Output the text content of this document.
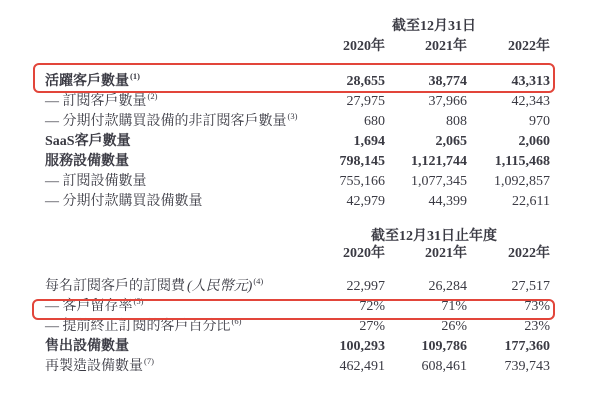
截至12月31日
2020年	2021年	2022年
活躍客戶數量$^{(1)}$	28,655	38,774	43,313
— 訂閱客戶數量$^{(2)}$	27,975	37,966	42,343
— 分期付款購買設備的非訂閱客戶數量$^{(3)}$	680	808	970
SaaS客戶數量	1,694	2,065	2,060
服務設備數量	798,145	1,121,744	1,115,468
— 訂閱設備數量	755,166	1,077,345	1,092,857
— 分期付款購買設備數量	42,979	44,399	22,611
截至12月31日止年度
2020年	2021年	2022年
每名訂閱客戶的訂閱費 (人民幣元)$^{(4)}$	22,997	26,284	27,517
— 客戶留存率$^{(5)}$	72%	71%	73%
— 提前終止訂閱的客戶百分比$^{(6)}$	27%	26%	23%
售出設備數量	100,293	109,786	177,360
再製造設備數量$^{(7)}$	462,491	608,461	739,743
